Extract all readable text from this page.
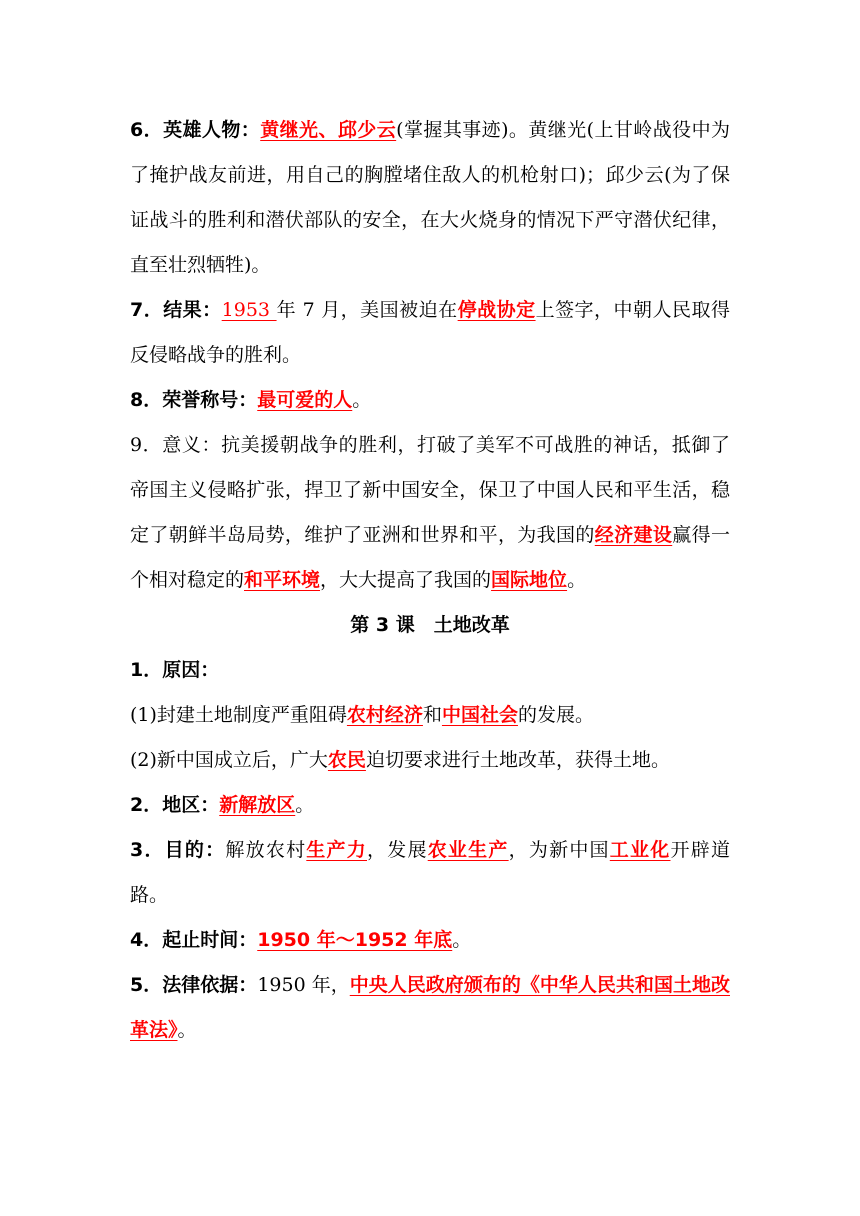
6．英雄人物：黄继光、邱少云(掌握其事迹)。黄继光(上甘岭战役中为了掩护战友前进，用自己的胸膛堵住敌人的机枪射口)；邱少云(为了保证战斗的胜利和潜伏部队的安全，在大火烧身的情况下严守潜伏纪律，直至壮烈牺牲)。

7．结果：1953 年 7 月，美国被迫在停战协定上签字，中朝人民取得反侵略战争的胜利。

8．荣誉称号：最可爱的人。

9．意义：抗美援朝战争的胜利，打破了美军不可战胜的神话，抵御了帝国主义侵略扩张，捍卫了新中国安全，保卫了中国人民和平生活，稳定了朝鲜半岛局势，维护了亚洲和世界和平，为我国的经济建设赢得一个相对稳定的和平环境，大大提高了我国的国际地位。

第 3 课　土地改革

1．原因：

(1)封建土地制度严重阻碍农村经济和中国社会的发展。

(2)新中国成立后，广大农民迫切要求进行土地改革，获得土地。

2．地区：新解放区。

3．目的：解放农村生产力，发展农业生产，为新中国工业化开辟道路。

4．起止时间：1950 年～1952 年底。

5．法律依据：1950 年，中央人民政府颁布的《中华人民共和国土地改革法》。
